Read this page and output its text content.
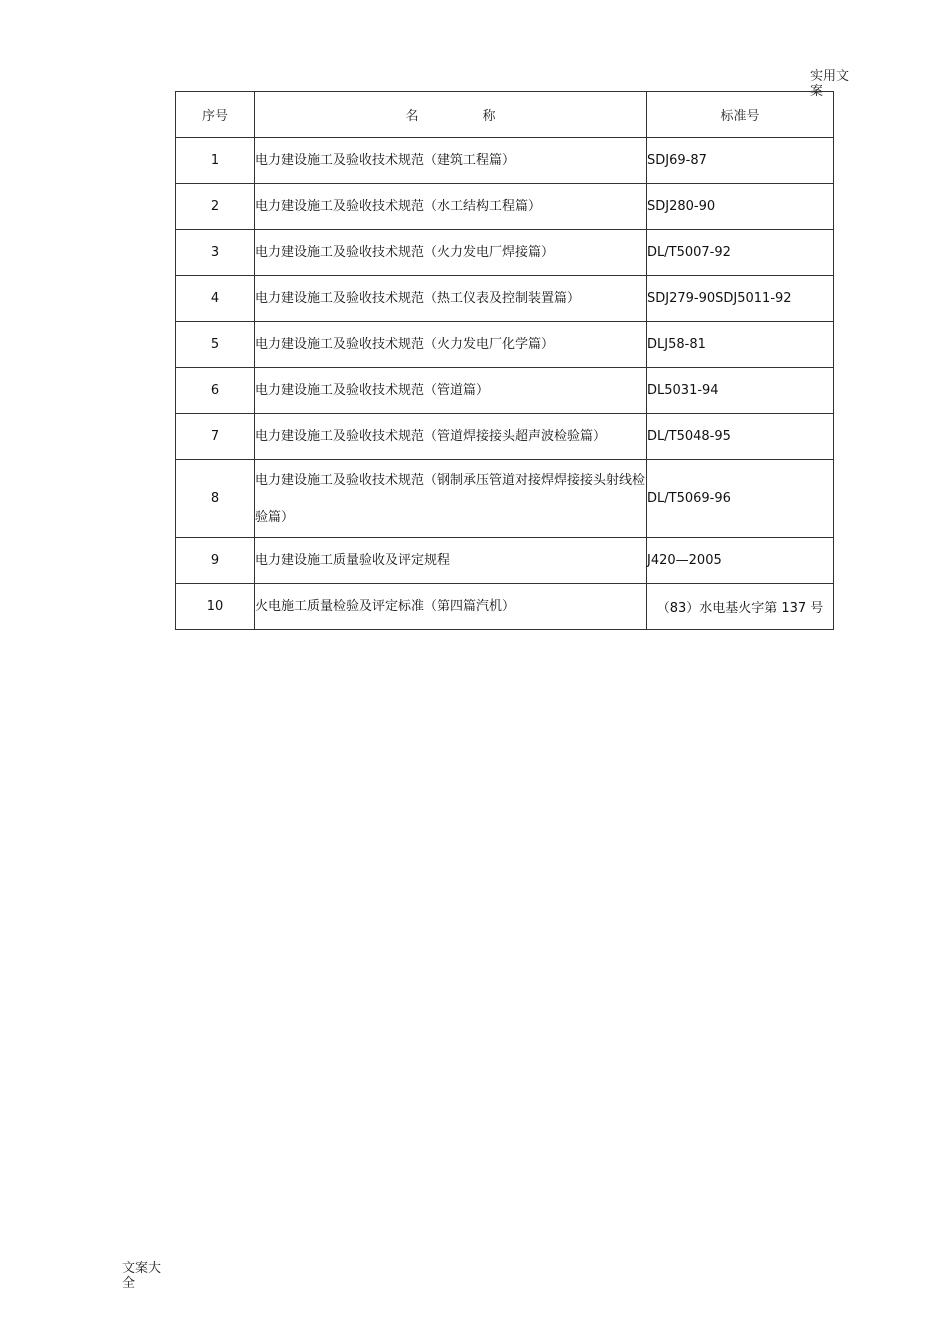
实用文案
序号	名 称	标准号
1	电力建设施工及验收技术规范（建筑工程篇）	SDJ69-87
2	电力建设施工及验收技术规范（水工结构工程篇）	SDJ280-90
3	电力建设施工及验收技术规范（火力发电厂焊接篇）	DL/T5007-92
4	电力建设施工及验收技术规范（热工仪表及控制装置篇）	SDJ279-90SDJ5011-92
5	电力建设施工及验收技术规范（火力发电厂化学篇）	DLJ58-81
6	电力建设施工及验收技术规范（管道篇）	DL5031-94
7	电力建设施工及验收技术规范（管道焊接接头超声波检验篇）	DL/T5048-95
8	电力建设施工及验收技术规范（钢制承压管道对接焊焊接接头射线检验篇）	DL/T5069-96
9	电力建设施工质量验收及评定规程	J420—2005
10	火电施工质量检验及评定标准（第四篇汽机）	（83）水电基火字第 137 号
文案大全
